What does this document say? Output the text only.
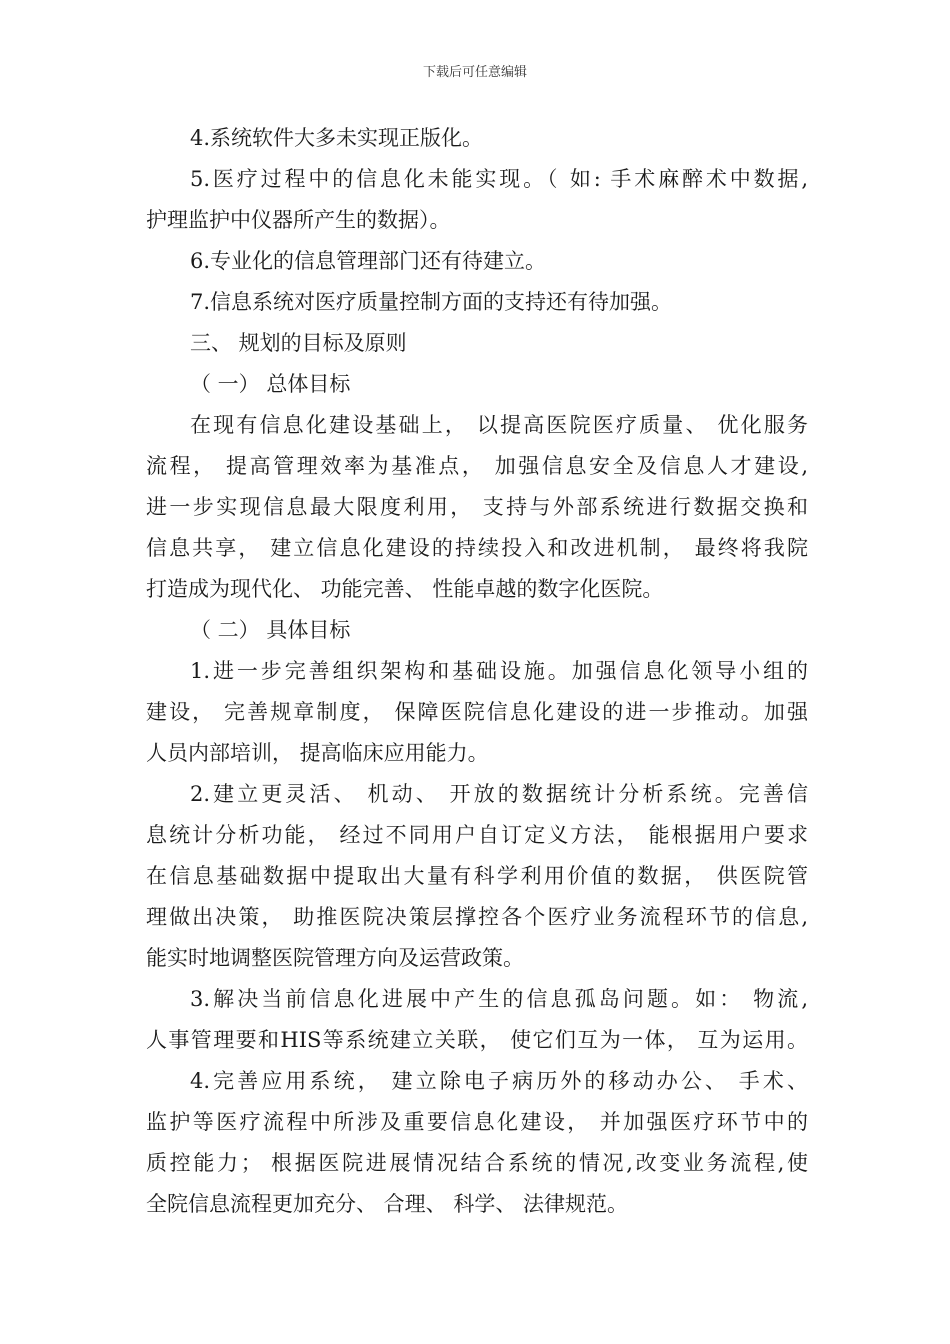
下载后可任意编辑
4.系统软件大多未实现正版化。
5.医疗过程中的信息化未能实现。（ 如: 手术麻醉术中数据,
护理监护中仪器所产生的数据）。
6.专业化的信息管理部门还有待建立。
7.信息系统对医疗质量控制方面的支持还有待加强。
三、 规划的目标及原则
（ 一） 总体目标
在现有信息化建设基础上， 以提高医院医疗质量、 优化服务
流程， 提高管理效率为基准点， 加强信息安全及信息人才建设,
进一步实现信息最大限度利用， 支持与外部系统进行数据交换和
信息共享， 建立信息化建设的持续投入和改进机制， 最终将我院
打造成为现代化、 功能完善、 性能卓越的数字化医院。
（ 二） 具体目标
1.进一步完善组织架构和基础设施。加强信息化领导小组的
建设， 完善规章制度， 保障医院信息化建设的进一步推动。加强
人员内部培训， 提高临床应用能力。
2.建立更灵活、 机动、 开放的数据统计分析系统。完善信
息统计分析功能， 经过不同用户自订定义方法， 能根据用户要求
在信息基础数据中提取出大量有科学利用价值的数据， 供医院管
理做出决策， 助推医院决策层撑控各个医疗业务流程环节的信息,
能实时地调整医院管理方向及运营政策。
3.解决当前信息化进展中产生的信息孤岛问题。如： 物流,
人事管理要和HIS等系统建立关联， 使它们互为一体， 互为运用。
4.完善应用系统， 建立除电子病历外的移动办公、 手术、
监护等医疗流程中所涉及重要信息化建设， 并加强医疗环节中的
质控能力； 根据医院进展情况结合系统的情况,改变业务流程,使
全院信息流程更加充分、 合理、 科学、 法律规范。
